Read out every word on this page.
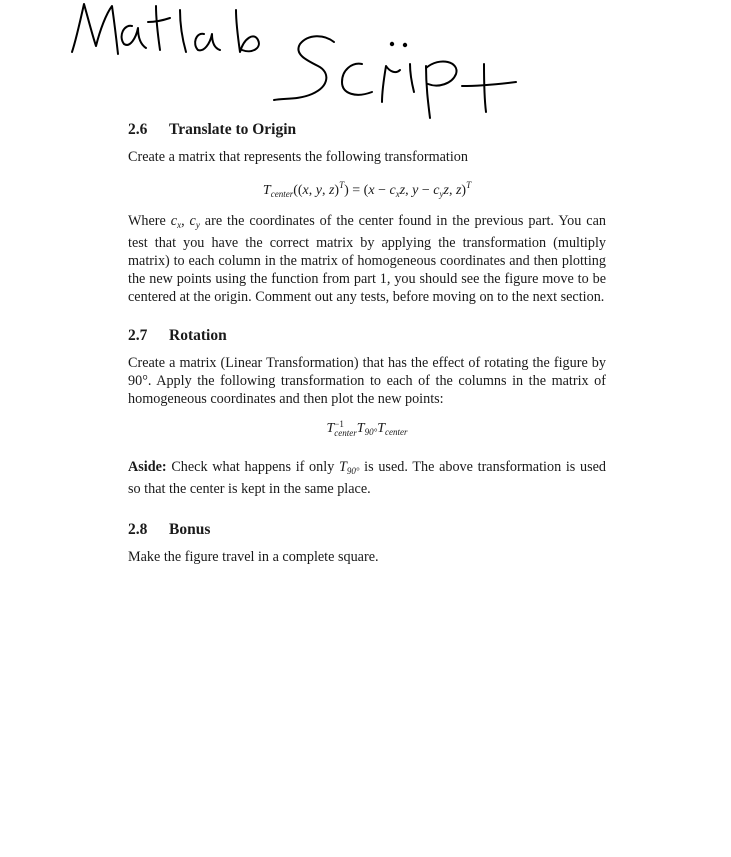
2.6 Translate to Origin

Create a matrix that represents the following transformation

$T_{center}((x$, y, $z)^T) = (x - c_xz$, $y - c_yz$, z)$^T$

Where
$c_x$, $c_y$ are the coordinates of the center found in the previous part. You can test that you have the correct matrix by applying the transformation (multiply matrix) to each column in the matrix of homogeneous coordinates and then plotting the new points using the function from part 1, you should see the figure move to be centered at the origin. Comment out any tests, before moving on to the next section.

2.7 Rotation

Create a matrix (Linear Transformation) that has the effect of rotating the figure by 90°. Apply the following transformation to each of the columns in the matrix of homogeneous coordinates and then plot the new points:

T−1
$centerT_{90^\circ}T_{center}$

Aside: Check what happens if only
$T_{90^\circ}$ is used. The above transformation is used so that the center is kept in the same place.

2.8 Bonus

Make the figure travel in a complete square.
